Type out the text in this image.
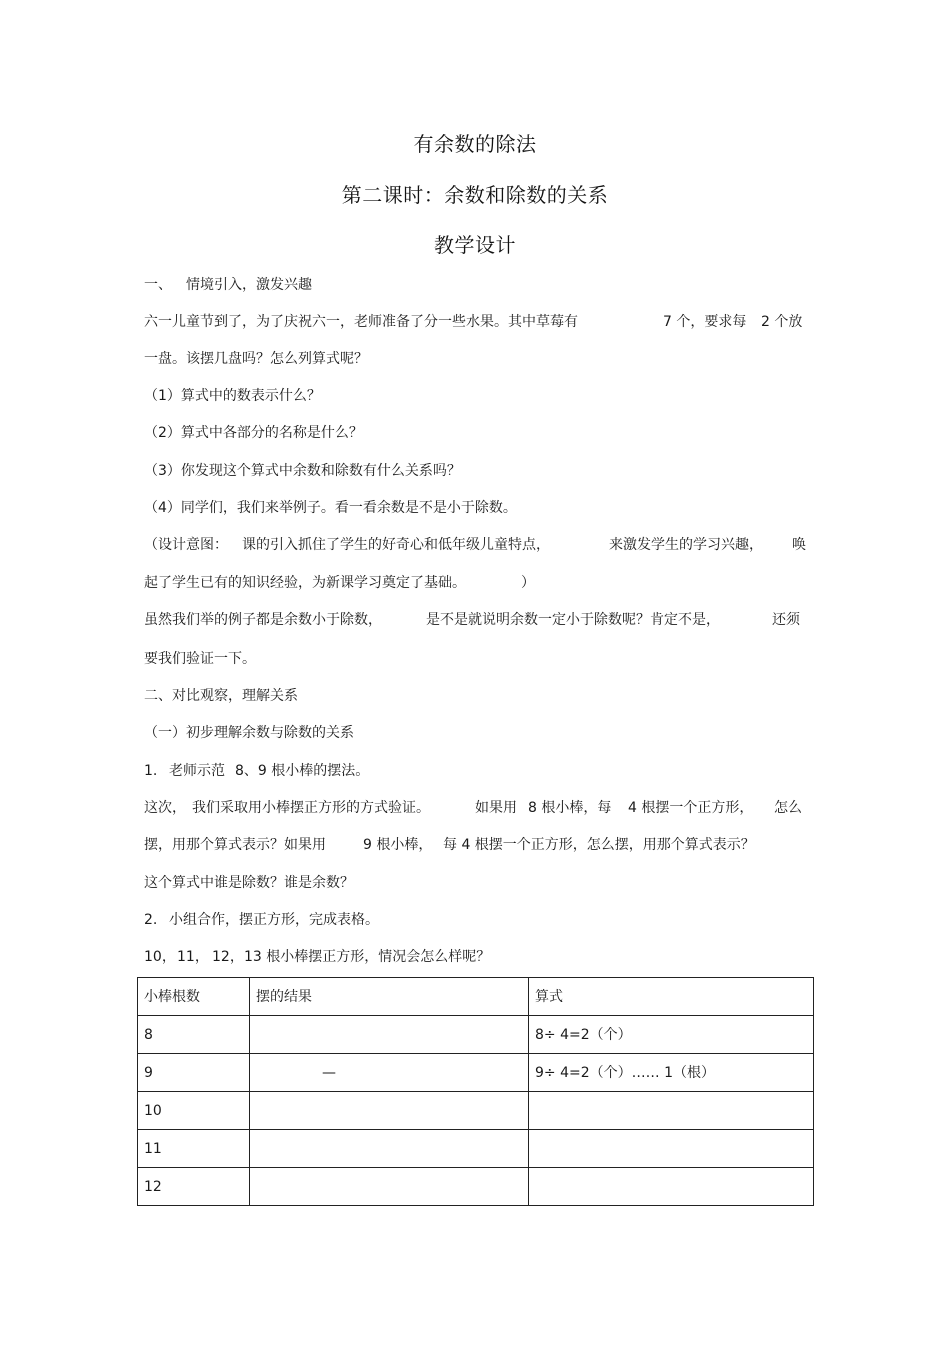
有余数的除法
第二课时：余数和除数的关系
教学设计
一、 情境引入，激发兴趣
六一儿童节到了，为了庆祝六一，老师准备了分一些水果。其中草莓有	7 个，要求每 2 个放
一盘。该摆几盘吗？怎么列算式呢？
（1）算式中的数表示什么？
（2）算式中各部分的名称是什么？
（3）你发现这个算式中余数和除数有什么关系吗？
（4）同学们，我们来举例子。看一看余数是不是小于除数。
（设计意图： 课的引入抓住了学生的好奇心和低年级儿童特点，	来激发学生的学习兴趣， 唤
起了学生已有的知识经验，为新课学习奠定了基础。	）
虽然我们举的例子都是余数小于除数，	是不是就说明余数一定小于除数呢？肯定不是，	还须
要我们验证一下。
二、对比观察，理解关系
（一）初步理解余数与除数的关系
1. 老师示范 8、9 根小棒的摆法。
这次， 我们采取用小棒摆正方形的方式验证。	如果用 8 根小棒，每 4 根摆一个正方形， 怎么
摆，用那个算式表示？如果用	9 根小棒， 每 4 根摆一个正方形，怎么摆，用那个算式表示？
这个算式中谁是除数？谁是余数？
2. 小组合作，摆正方形，完成表格。
10， 11， 12， 13 根小棒摆正方形，情况会怎么样呢？
小棒根数	摆的结果	算式
8		8÷ 4=2（个）
9	—	9÷ 4=2（个）…… 1（根）
10		
11		
12		
